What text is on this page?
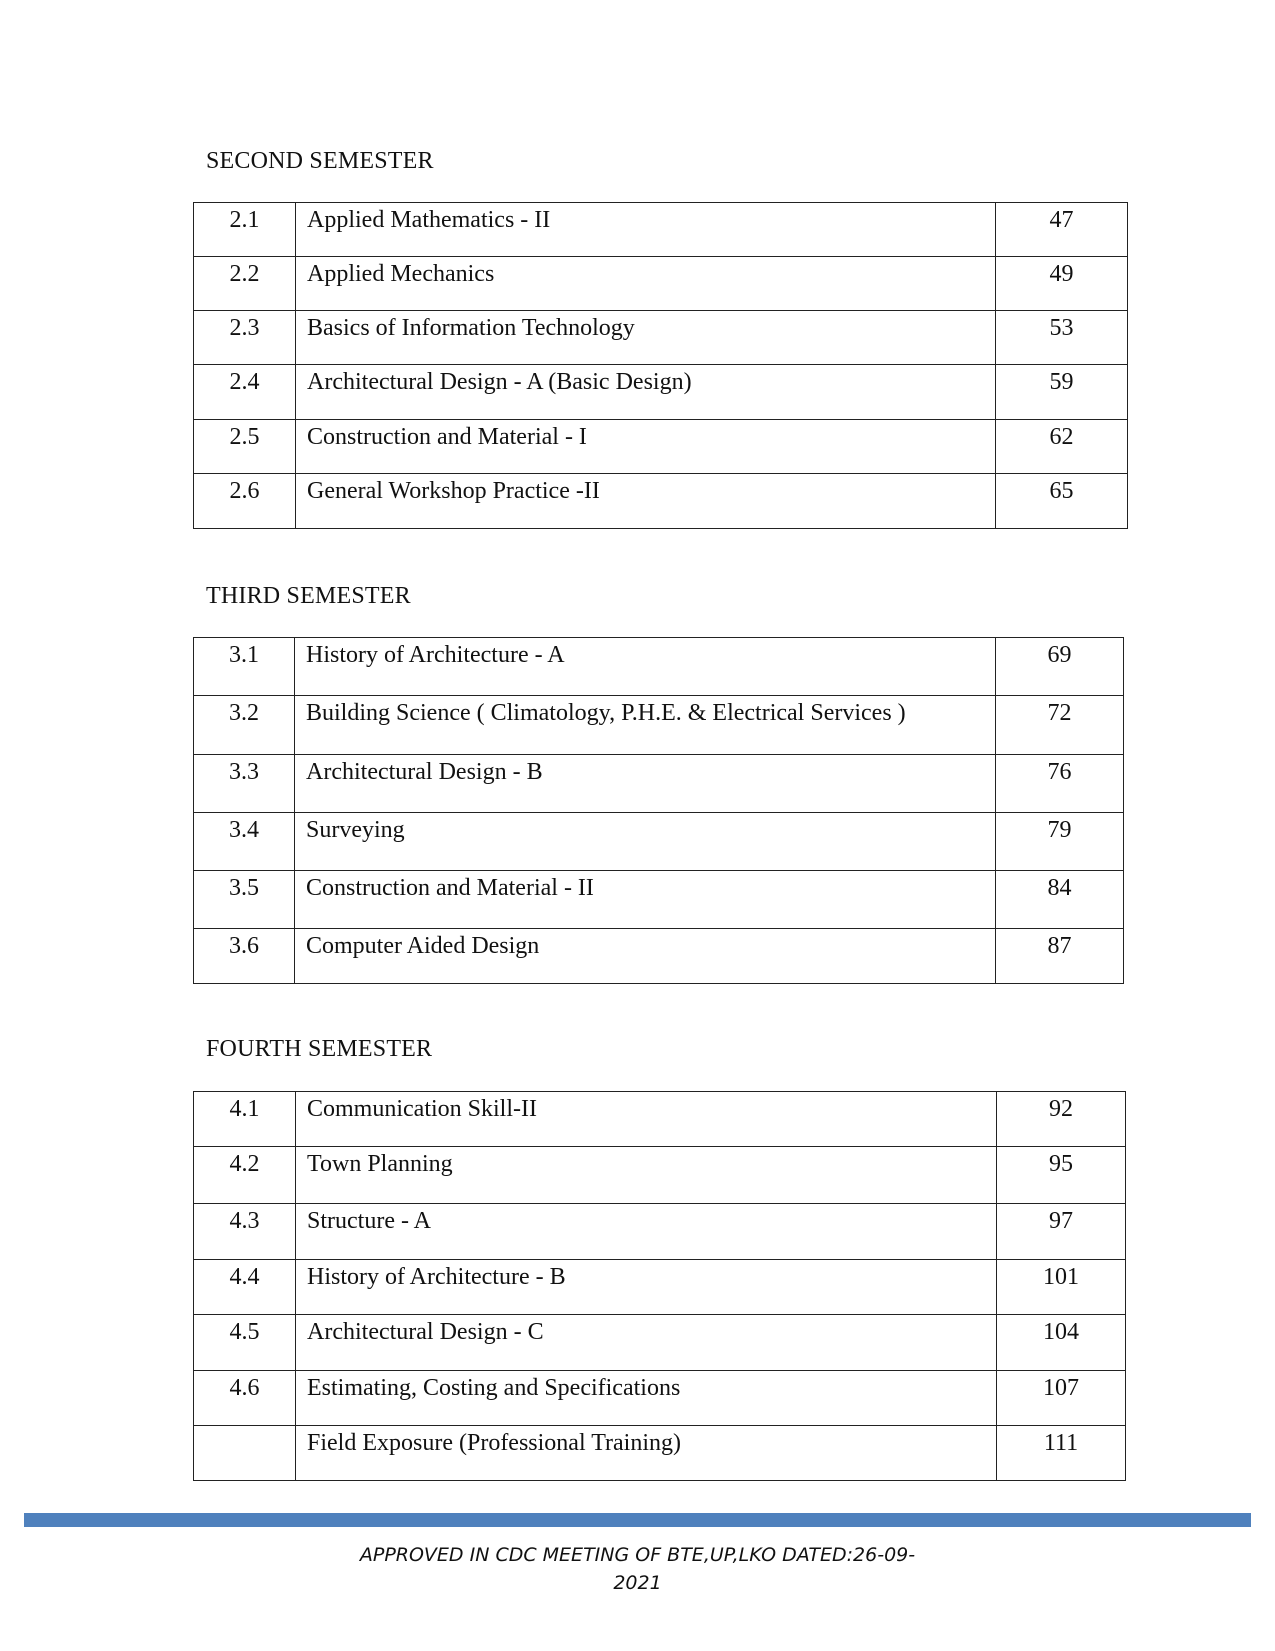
SECOND SEMESTER
2.1	Applied Mathematics - II	47
2.2	Applied Mechanics	49
2.3	Basics of Information Technology	53
2.4	Architectural Design - A (Basic Design)	59
2.5	Construction and Material - I	62
2.6	General Workshop Practice -II	65
THIRD SEMESTER
3.1	History of Architecture - A	69
3.2	Building Science ( Climatology, P.H.E. & Electrical Services )	72
3.3	Architectural Design - B	76
3.4	Surveying	79
3.5	Construction and Material - II	84
3.6	Computer Aided Design	87
FOURTH SEMESTER
4.1	Communication Skill-II	92
4.2	Town Planning	95
4.3	Structure - A	97
4.4	History of Architecture - B	101
4.5	Architectural Design - C	104
4.6	Estimating, Costing and Specifications	107
	Field Exposure (Professional Training)	111
APPROVED IN CDC MEETING OF BTE,UP,LKO DATED:26-09-
2021
